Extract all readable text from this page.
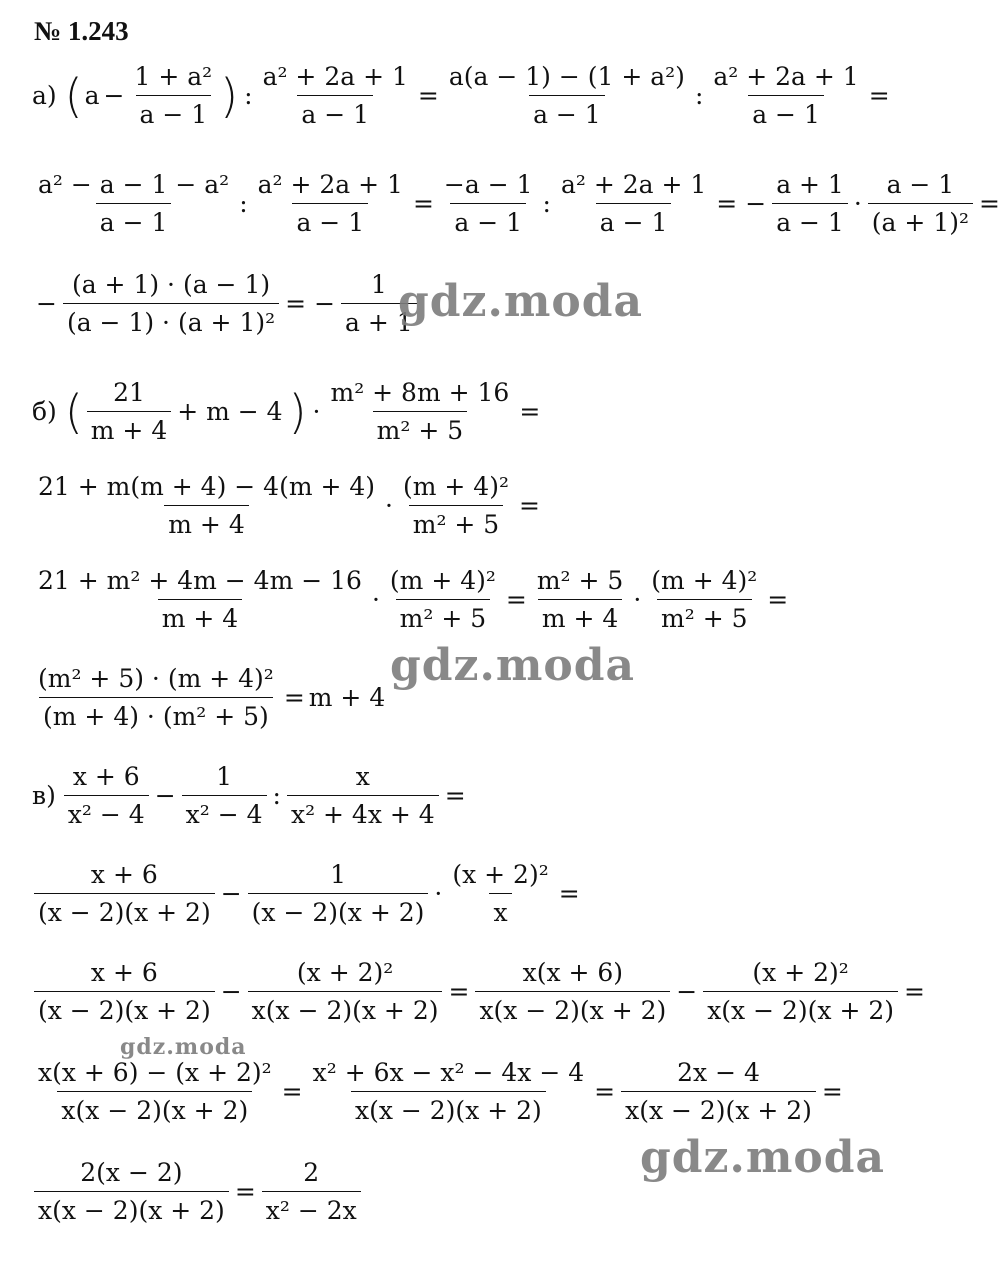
№ 1.243
а) ( $a - \frac{\text{1 + a²}}{a - 1}$ ) : $\frac{\text{a² + 2a + 1}}{a - 1} = \frac{\text{a(a − 1) − (1 + a²)}}{a - 1}$ : $\frac{\text{a² + 2a + 1}}{a - 1}$ =
$\frac{\text{a² − a − 1 − a²}}{a - 1}$ : $\frac{\text{a² + 2a + 1}}{a - 1} = \frac{-a - 1}{a - 1}$ : $\frac{\text{a² + 2a + 1}}{a - 1}$ = − $\frac{a + 1}{a - 1} \cdot \frac{a - 1}{\text{(a + 1)²}}$ =
− $\frac{(a + 1) \cdot (a - 1)}{\text{(a − 1) · (a + 1)²}}$ = − $\frac{1}{a + 1}$
б) ( $\frac{21}{m + 4} + m - 4$ ) · $\frac{\text{m² + 8m + 16}}{\text{m² + 5}}$ =
$\frac{21 + m(m + 4) - 4(m + 4)}{m + 4} \cdot \frac{\text{(m + 4)²}}{\text{m² + 5}}$ =
$\frac{\text{21 + m² + 4m − 4m − 16}}{m + 4} \cdot \frac{\text{(m + 4)²}}{\text{m² + 5}} = \frac{\text{m² + 5}}{m + 4} \cdot \frac{\text{(m + 4)²}}{\text{m² + 5}}$ =
$\frac{\text{(m² + 5) · (m + 4)²}}{\text{(m + 4) · (m² + 5)}} = m + 4$
$в) \frac{x + 6}{\text{x² − 4}} - \frac{1}{\text{x² − 4}}$ : $\frac{x}{\text{x² + 4x + 4}}$ =
$\frac{x + 6}{(x - 2)(x + 2)} - \frac{1}{(x - 2)(x + 2)} \cdot \frac{\text{(x + 2)²}}{x}$ =
$\frac{x + 6}{(x - 2)(x + 2)} - \frac{\text{(x + 2)²}}{x(x - 2)(x + 2)} = \frac{x(x + 6)}{x(x - 2)(x + 2)} - \frac{\text{(x + 2)²}}{x(x - 2)(x + 2)}$ =
$\frac{\text{x(x + 6) − (x + 2)²}}{x(x - 2)(x + 2)} = \frac{\text{x² + 6x − x² − 4x − 4}}{x(x - 2)(x + 2)} = \frac{2x - 4}{x(x - 2)(x + 2)}$ =
$\frac{2(x - 2)}{x(x - 2)(x + 2)} = \frac{2}{\text{x² − 2x}}$
gdz.moda
gdz.moda
gdz.moda
gdz.moda
